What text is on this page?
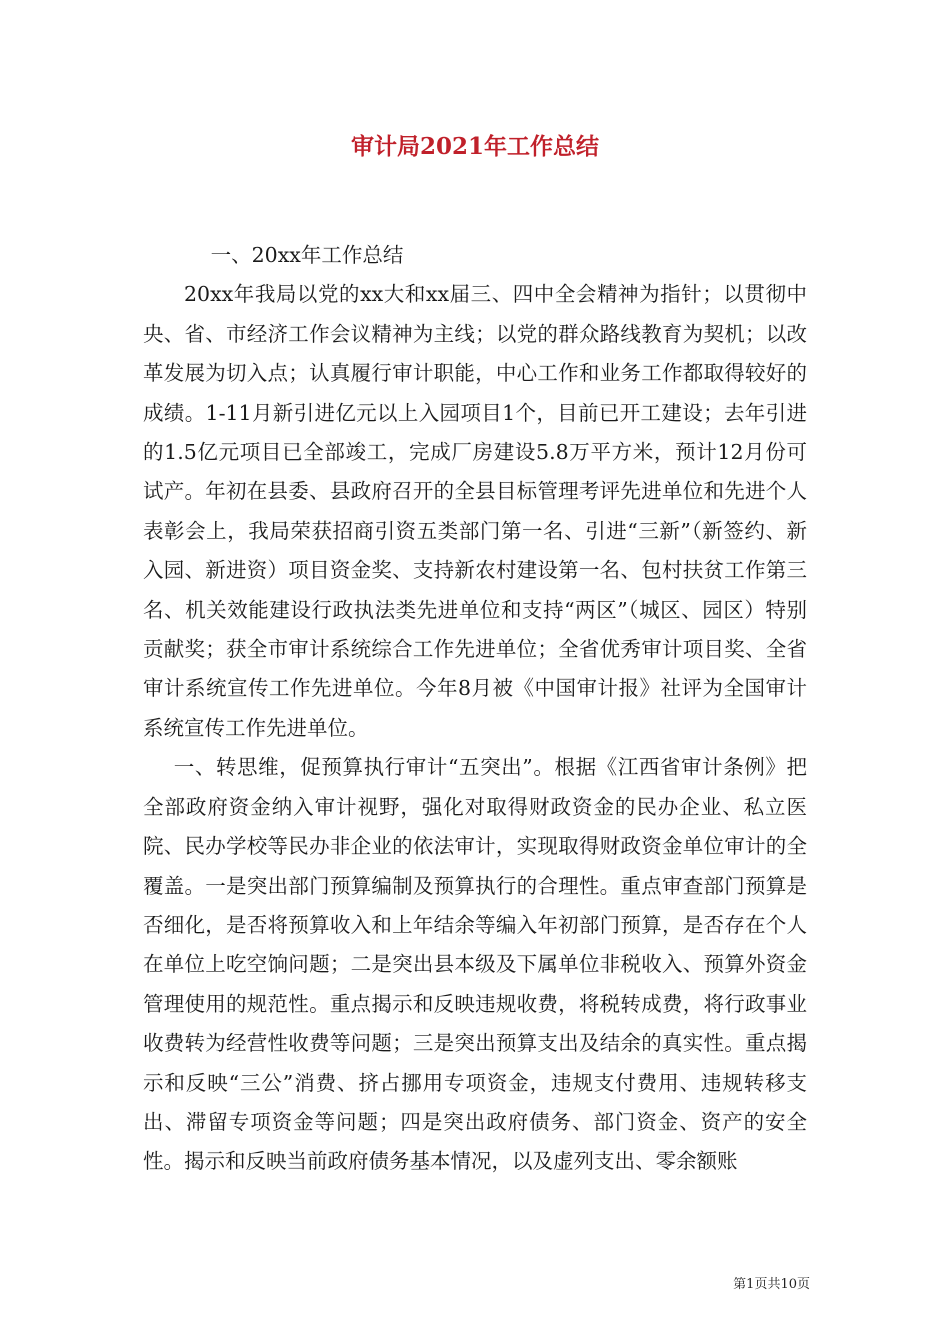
审计局2021年工作总结

一、20xx年工作总结

20xx年我局以党的xx大和xx届三、四中全会精神为指针；以贯彻中央、省、市经济工作会议精神为主线；以党的群众路线教育为契机；以改革发展为切入点；认真履行审计职能，中心工作和业务工作都取得较好的成绩。1-11月新引进亿元以上入园项目1个，目前已开工建设；去年引进的1.5亿元项目已全部竣工，完成厂房建设5.8万平方米，预计12月份可试产。年初在县委、县政府召开的全县目标管理考评先进单位和先进个人表彰会上，我局荣获招商引资五类部门第一名、引进“三新”（新签约、新入园、新进资）项目资金奖、支持新农村建设第一名、包村扶贫工作第三名、机关效能建设行政执法类先进单位和支持“两区”（城区、园区）特别贡献奖；获全市审计系统综合工作先进单位；全省优秀审计项目奖、全省审计系统宣传工作先进单位。今年8月被《中国审计报》社评为全国审计系统宣传工作先进单位。

一、转思维，促预算执行审计“五突出”。根据《江西省审计条例》把全部政府资金纳入审计视野，强化对取得财政资金的民办企业、私立医院、民办学校等民办非企业的依法审计，实现取得财政资金单位审计的全覆盖。一是突出部门预算编制及预算执行的合理性。重点审查部门预算是否细化，是否将预算收入和上年结余等编入年初部门预算，是否存在个人在单位上吃空饷问题；二是突出县本级及下属单位非税收入、预算外资金管理使用的规范性。重点揭示和反映违规收费，将税转成费，将行政事业收费转为经营性收费等问题；三是突出预算支出及结余的真实性。重点揭示和反映“三公”消费、挤占挪用专项资金，违规支付费用、违规转移支出、滞留专项资金等问题；四是突出政府债务、部门资金、资产的安全性。揭示和反映当前政府债务基本情况，以及虚列支出、零余额账

第1页共10页
